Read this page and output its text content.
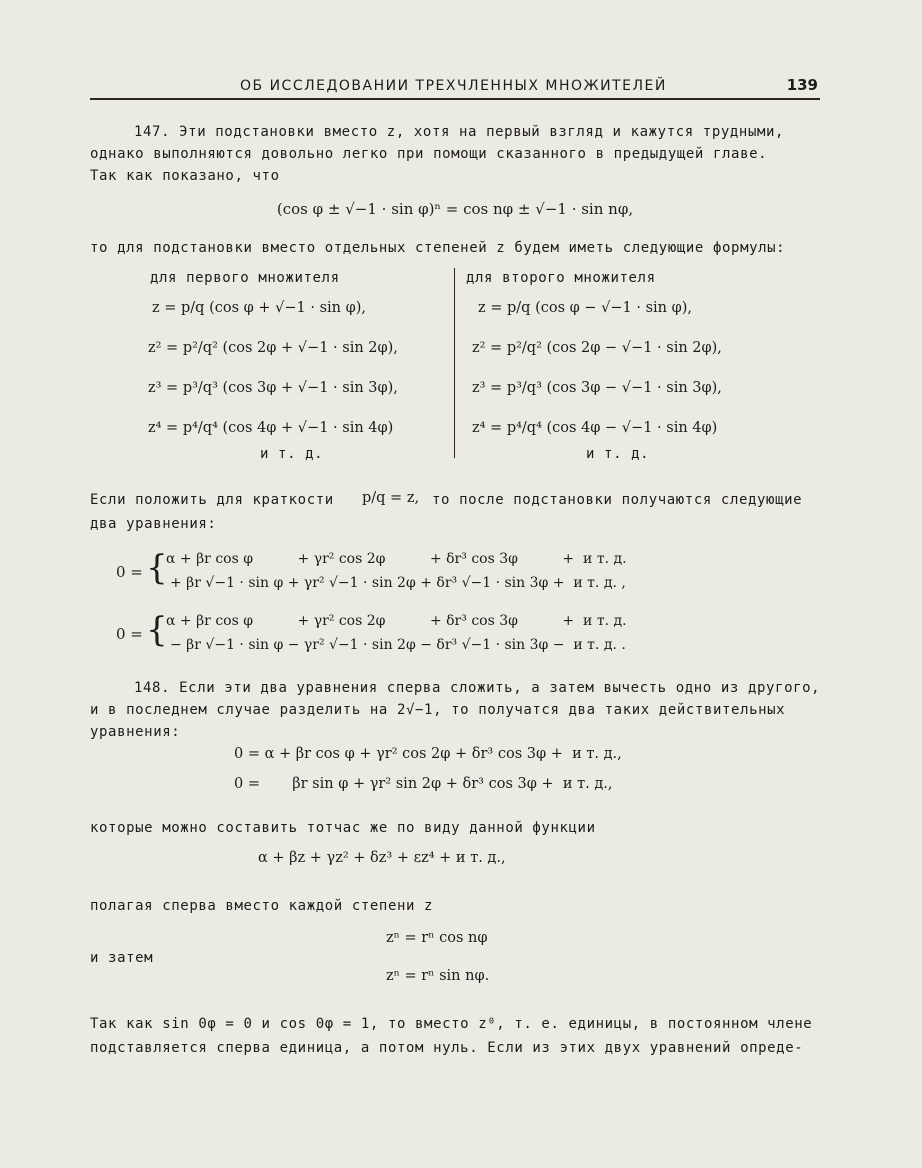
ОБ ИССЛЕДОВАНИИ ТРЕХЧЛЕННЫХ МНОЖИТЕЛЕЙ	139
147. Эти подстановки вместо z, хотя на первый взгляд и кажутся трудными,
однако выполняются довольно легко при помощи сказанного в предыдущей главе.
Так как показано, что
(cos φ ± √−1 · sin φ)ⁿ = cos nφ ± √−1 · sin nφ,
то для подстановки вместо отдельных степеней z будем иметь следующие формулы:
для первого множителя	для второго множителя
z = p/q (cos φ + √−1 · sin φ),
z² = p²/q² (cos 2φ + √−1 · sin 2φ),
z³ = p³/q³ (cos 3φ + √−1 · sin 3φ),
z⁴ = p⁴/q⁴ (cos 4φ + √−1 · sin 4φ)
и т. д.
z = p/q (cos φ − √−1 · sin φ),
z² = p²/q² (cos 2φ − √−1 · sin 2φ),
z³ = p³/q³ (cos 3φ − √−1 · sin 3φ),
z⁴ = p⁴/q⁴ (cos 4φ − √−1 · sin 4φ)
и т. д.
Если положить для краткости p/q = z, то после подстановки получаются следующие
два уравнения:
0 = {
α + βr cos φ          + γr² cos 2φ          + δr³ cos 3φ          +  и т. д.
+ βr √−1 · sin φ + γr² √−1 · sin 2φ + δr³ √−1 · sin 3φ +  и т. д. ,
0 = {
α + βr cos φ          + γr² cos 2φ          + δr³ cos 3φ          +  и т. д.
− βr √−1 · sin φ − γr² √−1 · sin 2φ − δr³ √−1 · sin 3φ −  и т. д. .
148. Если эти два уравнения сперва сложить, а затем вычесть одно из другого,
и в последнем случае разделить на 2√−1, то получатся два таких действительных
уравнения:
0 = α + βr cos φ + γr² cos 2φ + δr³ cos 3φ +  и т. д.,
0 =       βr sin φ + γr² sin 2φ + δr³ cos 3φ +  и т. д.,
которые можно составить тотчас же по виду данной функции
α + βz + γz² + δz³ + εz⁴ + и т. д.,
полагая сперва вместо каждой степени z
zⁿ = rⁿ cos nφ
и затем
zⁿ = rⁿ sin nφ.
Так как sin 0φ = 0 и cos 0φ = 1, то вместо z⁰, т. е. единицы, в постоянном члене
подставляется сперва единица, а потом нуль. Если из этих двух уравнений опреде-
